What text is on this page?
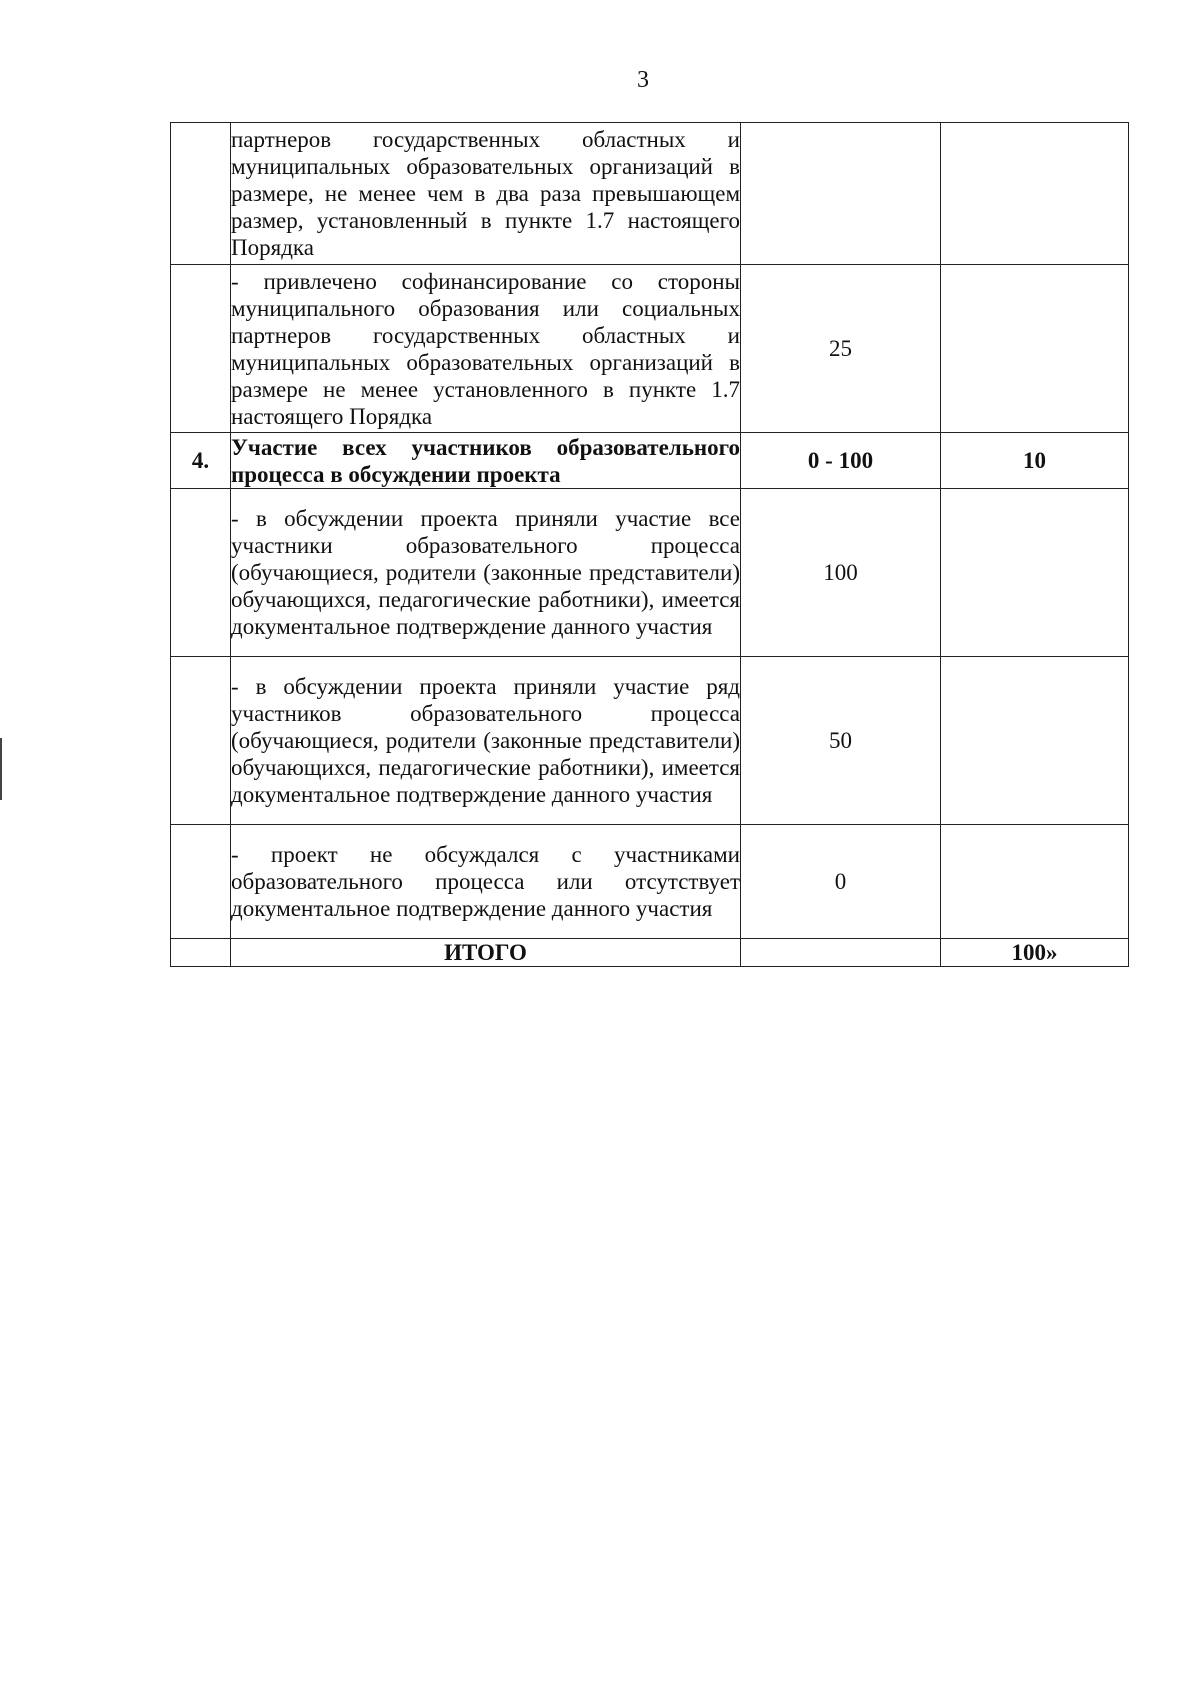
3
	партнеров государственных областных и муниципальных образовательных организаций в размере, не менее чем в два раза превышающем размер, установленный в пункте 1.7 настоящего Порядка		
	- привлечено софинансирование со стороны муниципального образования или социальных партнеров государственных областных и муниципальных образовательных организаций в размере не менее установленного в пункте 1.7 настоящего Порядка	25	
4.	Участие всех участников образовательного процесса в обсуждении проекта	0 - 100	10
	- в обсуждении проекта приняли участие все участники образовательного процесса (обучающиеся, родители (законные представители) обучающихся, педагогические работники), имеется документальное подтверждение данного участия	100	
	- в обсуждении проекта приняли участие ряд участников образовательного процесса (обучающиеся, родители (законные представители) обучающихся, педагогические работники), имеется документальное подтверждение данного участия	50	
	- проект не обсуждался с участниками образовательного процесса или отсутствует документальное подтверждение данного участия	0	
	ИТОГО		100»
